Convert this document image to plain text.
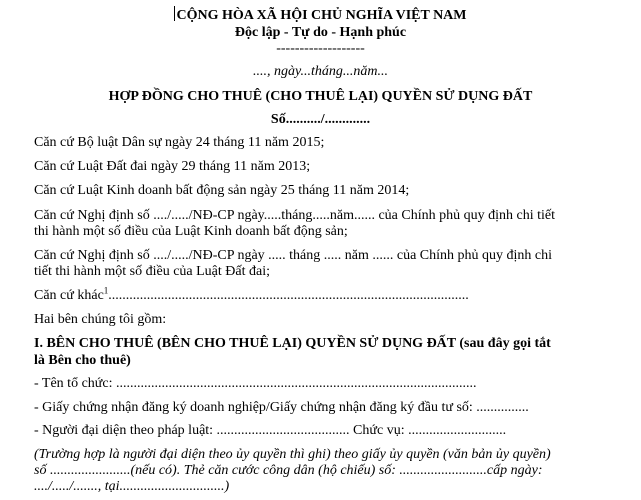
CỘNG HÒA XÃ HỘI CHỦ NGHĨA VIỆT NAM
Độc lập - Tự do - Hạnh phúc
-------------------
...., ngày...tháng...năm...
HỢP ĐỒNG CHO THUÊ (CHO THUÊ LẠI) QUYỀN SỬ DỤNG ĐẤT
Số........../.............
Căn cứ Bộ luật Dân sự ngày 24 tháng 11 năm 2015;
Căn cứ Luật Đất đai ngày 29 tháng 11 năm 2013;
Căn cứ Luật Kinh doanh bất động sản ngày 25 tháng 11 năm 2014;
Căn cứ Nghị định số ..../...../NĐ-CP ngày.....tháng.....năm...... của Chính phủ quy định chi tiết
thi hành một số điều của Luật Kinh doanh bất động sản;
Căn cứ Nghị định số ..../...../NĐ-CP ngày ..... tháng ..... năm ...... của Chính phủ quy định chi
tiết thi hành một số điều của Luật Đất đai;
Căn cứ khác$^1$.......................................................................................................
Hai bên chúng tôi gồm:
I. BÊN CHO THUÊ (BÊN CHO THUÊ LẠI) QUYỀN SỬ DỤNG ĐẤT (sau đây gọi tắt
là Bên cho thuê)
- Tên tổ chức: .......................................................................................................
- Giấy chứng nhận đăng ký doanh nghiệp/Giấy chứng nhận đăng ký đầu tư số: ...............
- Người đại diện theo pháp luật: ...................................... Chức vụ: ............................
(Trường hợp là người đại diện theo ủy quyền thì ghi) theo giấy ủy quyền (văn bản ủy quyền)
số .......................(nếu có). Thẻ căn cước công dân (hộ chiếu) số: .........................cấp ngày:
..../...../......., tại..............................)
